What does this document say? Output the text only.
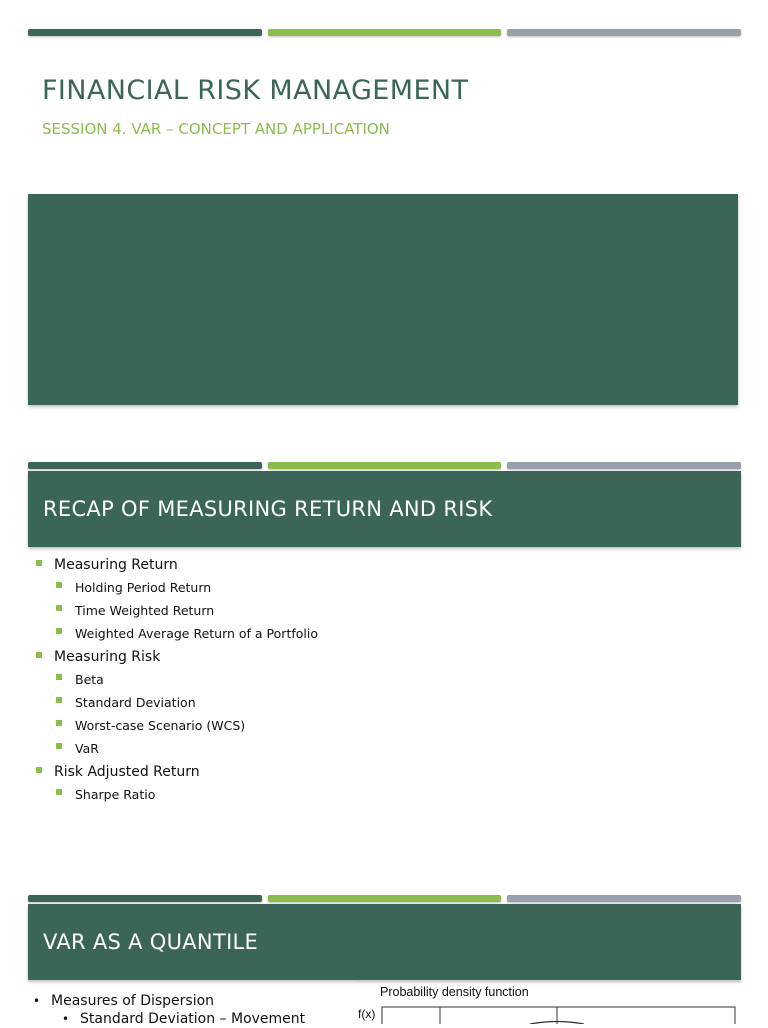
FINANCIAL RISK MANAGEMENT

SESSION 4. VAR – CONCEPT AND APPLICATION

RECAP OF MEASURING RETURN AND RISK
Measuring Return
Holding Period Return
Time Weighted Return
Weighted Average Return of a Portfolio
Measuring Risk
Beta
Standard Deviation
Worst-case Scenario (WCS)
VaR
Risk Adjusted Return
Sharpe Ratio
VAR AS A QUANTILE
• Measures of Dispersion
• Standard Deviation – Movement
Probability density function
f(x)
